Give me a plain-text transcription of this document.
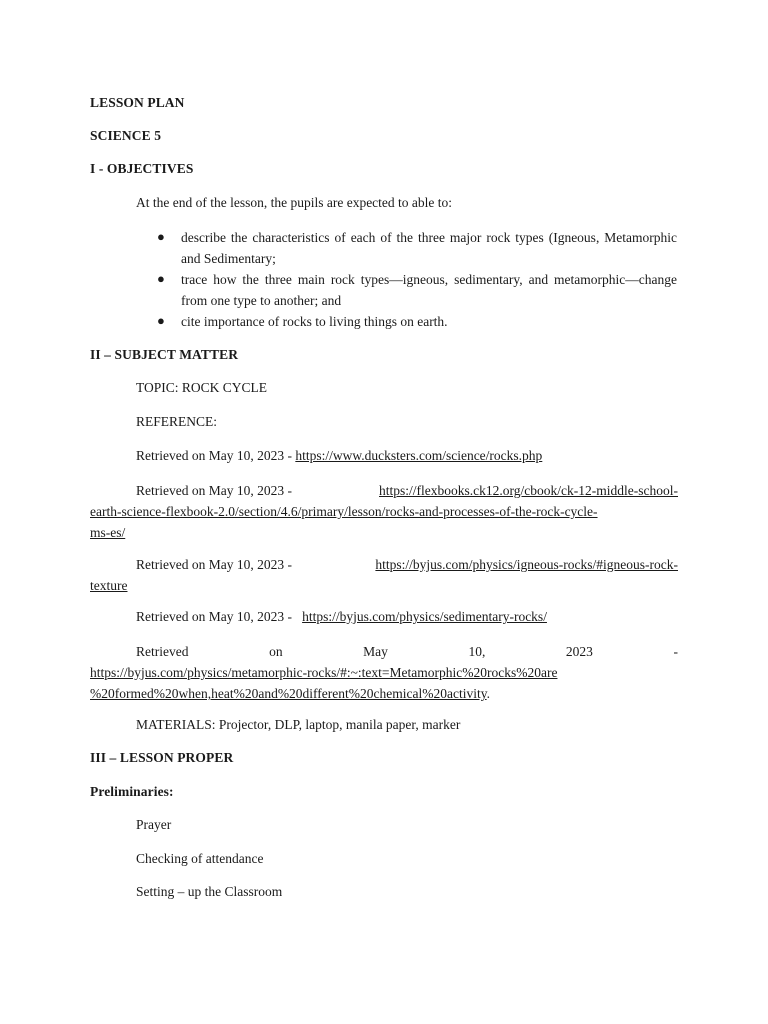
LESSON PLAN
SCIENCE 5
I - OBJECTIVES
At the end of the lesson, the pupils are expected to able to:
● describe the characteristics of each of the three major rock types (Igneous, Metamorphic and Sedimentary;
● trace how the three main rock types—igneous, sedimentary, and metamorphic—change from one type to another; and
● cite importance of rocks to living things on earth.
II – SUBJECT MATTER
TOPIC: ROCK CYCLE
REFERENCE:
Retrieved on May 10, 2023 - https://www.ducksters.com/science/rocks.php
Retrieved on May 10, 2023 -	https://flexbooks.ck12.org/cbook/ck-12-middle-school-
earth-science-flexbook-2.0/section/4.6/primary/lesson/rocks-and-processes-of-the-rock-cycle-
ms-es/
Retrieved on May 10, 2023 -	https://byjus.com/physics/igneous-rocks/#igneous-rock-
texture
Retrieved on May 10, 2023 - https://byjus.com/physics/sedimentary-rocks/
Retrieved	on	May	10,	2023	-
https://byjus.com/physics/metamorphic-rocks/#:~:text=Metamorphic%20rocks%20are
%20formed%20when,heat%20and%20different%20chemical%20activity.
MATERIALS: Projector, DLP, laptop, manila paper, marker
III – LESSON PROPER
Preliminaries:
Prayer
Checking of attendance
Setting – up the Classroom
